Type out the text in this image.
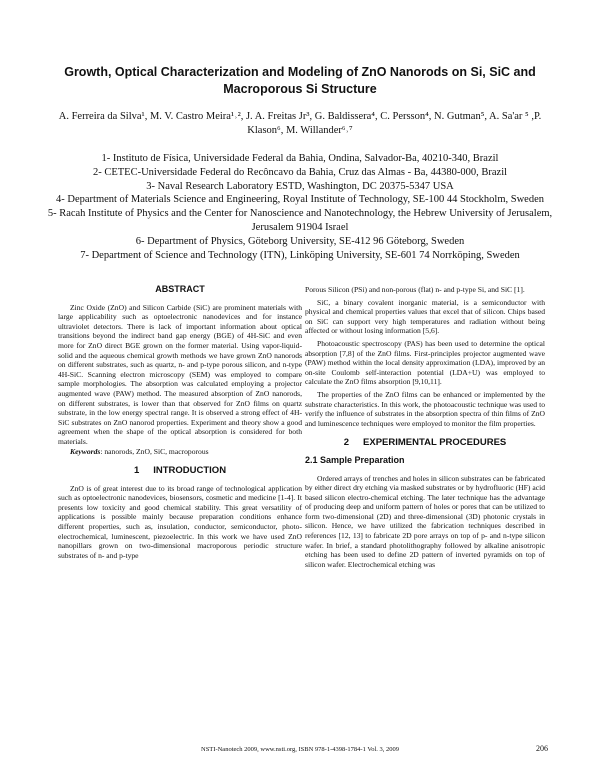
Growth, Optical Characterization and Modeling of ZnO Nanorods on Si, SiC and Macroporous Si Structure
A. Ferreira da Silva¹, M. V. Castro Meira¹˒², J. A. Freitas Jr³, G. Baldissera⁴, C. Persson⁴, N. Gutman⁵, A. Sa'ar ⁵ ,P. Klason⁶, M. Willander⁶˒⁷
1- Instituto de Física, Universidade Federal da Bahia, Ondina, Salvador-Ba, 40210-340, Brazil
2- CETEC-Universidade Federal do Recôncavo da Bahia, Cruz das Almas - Ba, 44380-000, Brazil
3- Naval Research Laboratory ESTD, Washington, DC 20375-5347 USA
4- Department of Materials Science and Engineering, Royal Institute of Technology, SE-100 44 Stockholm, Sweden
5- Racah Institute of Physics and the Center for Nanoscience and Nanotechnology, the Hebrew University of Jerusalem, Jerusalem 91904 Israel
6- Department of Physics, Göteborg University, SE-412 96 Göteborg, Sweden
7- Department of Science and Technology (ITN), Linköping University, SE-601 74 Norrköping, Sweden
ABSTRACT

Zinc Oxide (ZnO) and Silicon Carbide (SiC) are prominent materials with large applicability such as optoelectronic nanodevices and for instance ultraviolet detectors. There is lack of important information about optical transitions beyond the indirect band gap energy (BGE) of 4H-SiC and even more for ZnO direct BGE grown on the former material. Using vapor-liquid-solid and the aqueous chemical growth methods we have grown ZnO nanorods on different substrates, such as quartz, n- and p-type porous silicon, and n-type 4H-SiC. Scanning electron microscopy (SEM) was employed to compare sample morphologies. The absorption was calculated employing a projector augmented wave (PAW) method. The measured absorption of ZnO nanorods, on different substrates, is lower than that observed for ZnO films on quartz substrate, in the low energy spectral range. It is observed a strong effect of 4H-SiC substrates on ZnO nanorod properties. Experiment and theory show a good agreement when the shape of the optical absorption is considered for both materials.

Keywords: nanorods, ZnO, SiC, macroporous

1 INTRODUCTION

ZnO is of great interest due to its broad range of technological application such as optoelectronic nanodevices, biosensors, cosmetic and medicine [1-4]. It presents low toxicity and good chemical stability. This great versatility of applications is possible mainly because preparation conditions enhance different properties, such as, insulation, conductor, semiconductor, photo-electrochemical, luminescent, piezoelectric. In this work we have used ZnO nanopillars grown on two-dimensional macroporous periodic structure substrates of n- and p-type

Porous Silicon (PSi) and non-porous (flat) n- and p-type Si, and SiC [1].

SiC, a binary covalent inorganic material, is a semiconductor with physical and chemical properties values that excel that of silicon. Chips based on SiC can support very high temperatures and radiation without being affected or without losing information [5,6].

Photoacoustic spectroscopy (PAS) has been used to determine the optical absorption [7,8] of the ZnO films. First-principles projector augmented wave (PAW) method within the local density approximation (LDA), improved by an on-site Coulomb self-interaction potential (LDA+U) was employed to calculate the ZnO films absorption [9,10,11].

The properties of the ZnO films can be enhanced or implemented by the substrate characteristics. In this work, the photoacoustic technique was used to verify the influence of substrates in the absorption spectra of thin films of ZnO and luminescence techniques were employed to monitor the film properties.

2 EXPERIMENTAL PROCEDURES
2.1 Sample Preparation

Ordered arrays of trenches and holes in silicon substrates can be fabricated by either direct dry etching via masked substrates or by hydrofluoric (HF) acid based silicon electro-chemical etching. The later technique has the advantage of producing deep and uniform pattern of holes or pores that can be utilized to form two-dimensional (2D) and three-dimensional (3D) photonic crystals in silicon. Hence, we have utilized the fabrication techniques described in references [12, 13] to fabricate 2D pore arrays on top of p- and n-type silicon wafer. In brief, a standard photolithography followed by alkaline anisotropic etching has been used to define 2D pattern of inverted pyramids on top of silicon wafer. Electrochemical etching was

NSTI-Nanotech 2009, www.nsti.org, ISBN 978-1-4398-1784-1 Vol. 3, 2009	206
